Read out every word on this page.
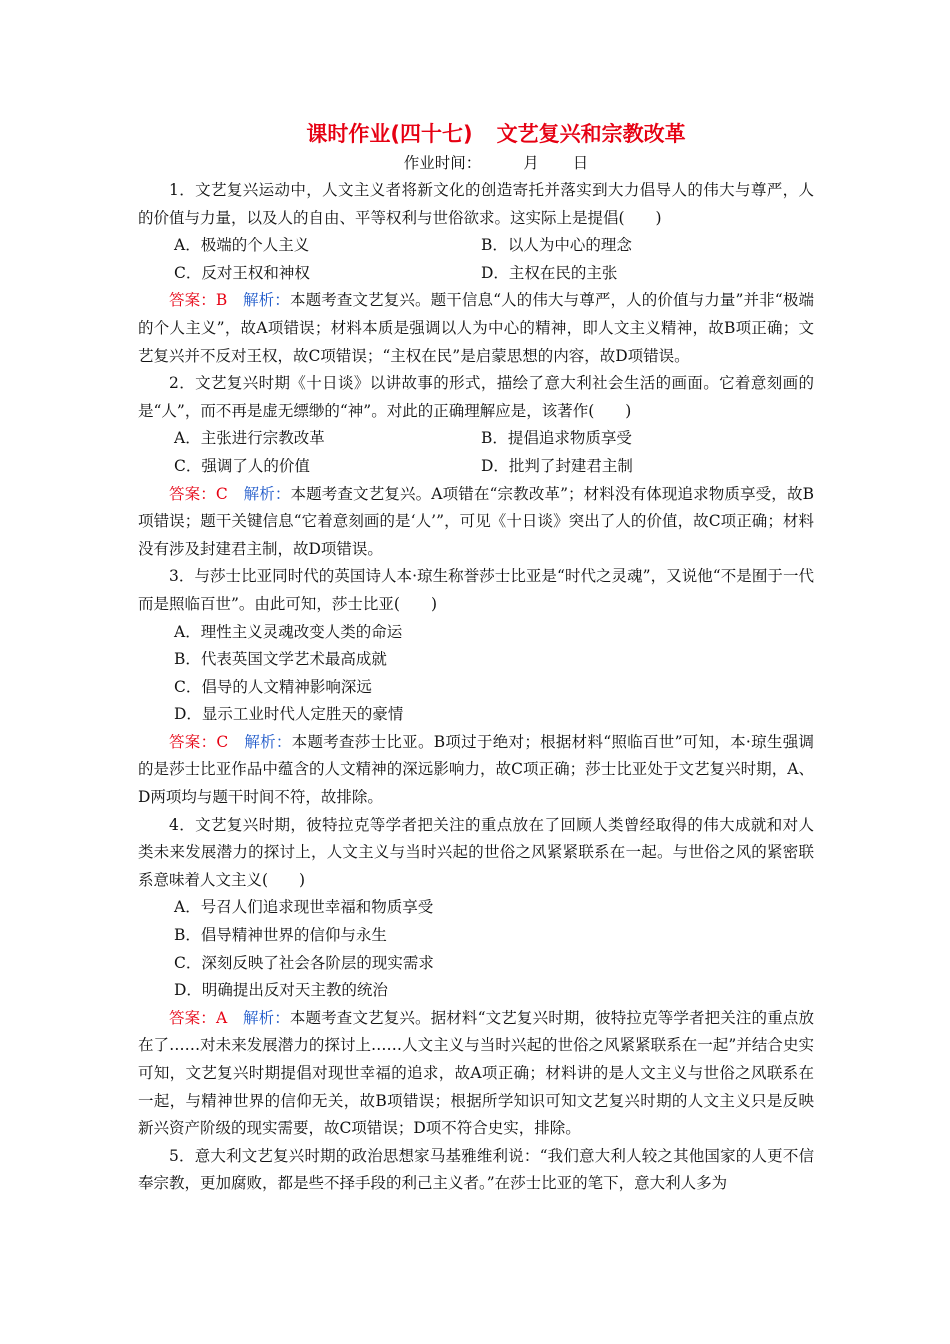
课时作业(四十七) 文艺复兴和宗教改革
作业时间：	月 日

1．文艺复兴运动中，人文主义者将新文化的创造寄托并落实到大力倡导人的伟大与尊严，人的价值与力量，以及人的自由、平等权利与世俗欲求。这实际上是提倡(　　)

A．极端的个人主义	B．以人为中心的理念
C．反对王权和神权	D．主权在民的主张

答案：B　 解析：本题考查文艺复兴。题干信息“人的伟大与尊严，人的价值与力量”并非“极端的个人主义”，故A项错误；材料本质是强调以人为中心的精神，即人文主义精神，故B项正确；文艺复兴并不反对王权，故C项错误；“主权在民”是启蒙思想的内容，故D项错误。

2．文艺复兴时期《十日谈》以讲故事的形式，描绘了意大利社会生活的画面。它着意刻画的是“人”，而不再是虚无缥缈的“神”。对此的正确理解应是，该著作(　　)

A．主张进行宗教改革	B．提倡追求物质享受
C．强调了人的价值	D．批判了封建君主制

答案：C　 解析：本题考查文艺复兴。A项错在“宗教改革”；材料没有体现追求物质享受，故B项错误；题干关键信息“它着意刻画的是‘人’”，可见《十日谈》突出了人的价值，故C项正确；材料没有涉及封建君主制，故D项错误。

3．与莎士比亚同时代的英国诗人本·琼生称誉莎士比亚是“时代之灵魂”，又说他“不是囿于一代而是照临百世”。由此可知，莎士比亚(　　)

A．理性主义灵魂改变人类的命运
B．代表英国文学艺术最高成就
C．倡导的人文精神影响深远
D．显示工业时代人定胜天的豪情

答案：C　 解析：本题考查莎士比亚。B项过于绝对；根据材料“照临百世”可知，本·琼生强调的是莎士比亚作品中蕴含的人文精神的深远影响力，故C项正确；莎士比亚处于文艺复兴时期，A、D两项均与题干时间不符，故排除。

4．文艺复兴时期，彼特拉克等学者把关注的重点放在了回顾人类曾经取得的伟大成就和对人类未来发展潜力的探讨上，人文主义与当时兴起的世俗之风紧紧联系在一起。与世俗之风的紧密联系意味着人文主义(　　)

A．号召人们追求现世幸福和物质享受
B．倡导精神世界的信仰与永生
C．深刻反映了社会各阶层的现实需求
D．明确提出反对天主教的统治

答案：A　 解析：本题考查文艺复兴。据材料“文艺复兴时期，彼特拉克等学者把关注的重点放在了……对未来发展潜力的探讨上……人文主义与当时兴起的世俗之风紧紧联系在一起”并结合史实可知，文艺复兴时期提倡对现世幸福的追求，故A项正确；材料讲的是人文主义与世俗之风联系在一起，与精神世界的信仰无关，故B项错误；根据所学知识可知文艺复兴时期的人文主义只是反映新兴资产阶级的现实需要，故C项错误；D项不符合史实，排除。

5．意大利文艺复兴时期的政治思想家马基雅维利说：“我们意大利人较之其他国家的人更不信奉宗教，更加腐败，都是些不择手段的利己主义者。”在莎士比亚的笔下，意大利人多为
